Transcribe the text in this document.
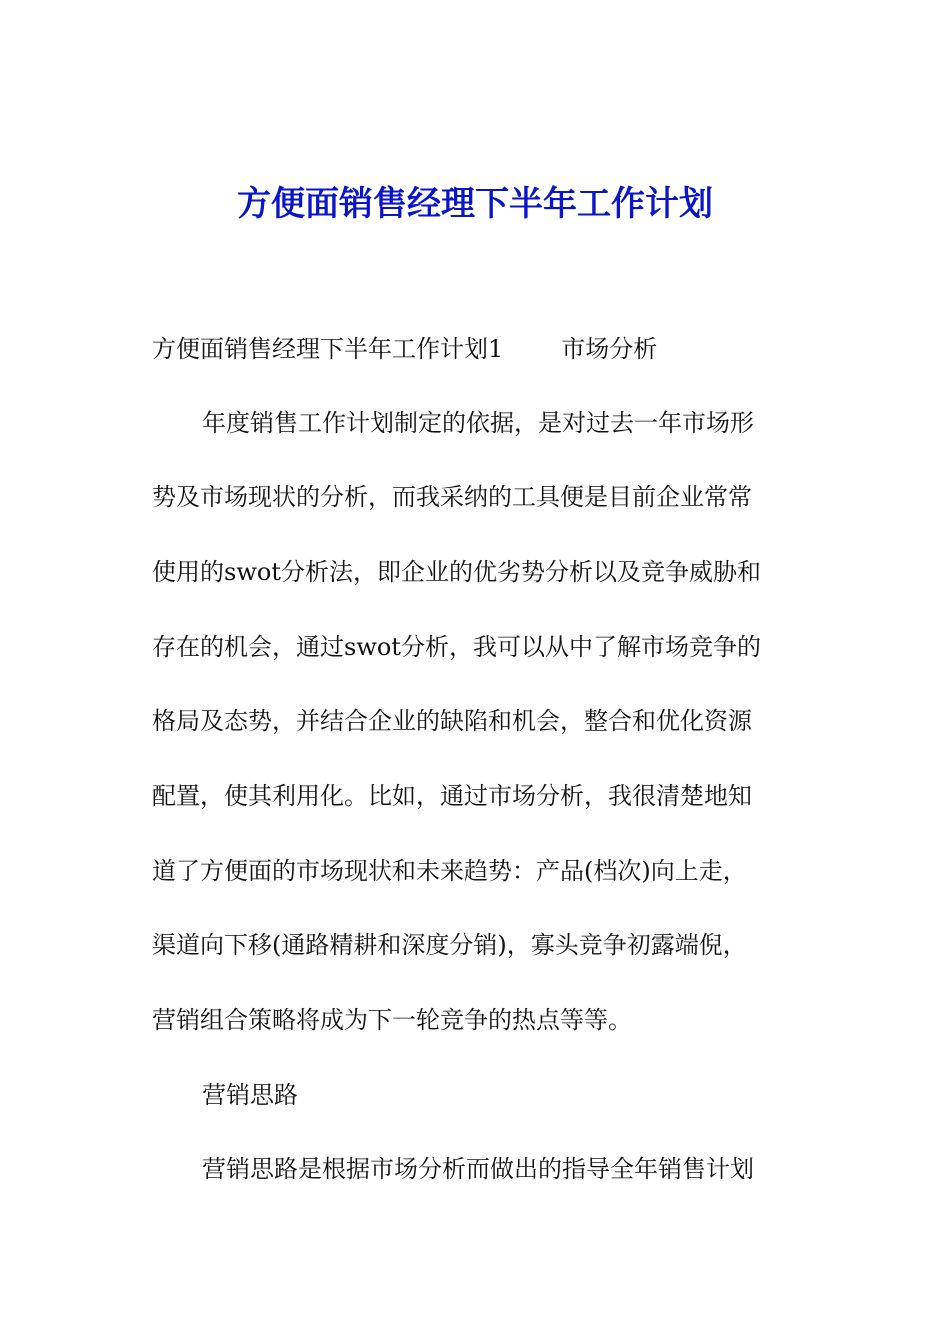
方便面销售经理下半年工作计划
方便面销售经理下半年工作计划1 市场分析
年度销售工作计划制定的依据，是对过去一年市场形
势及市场现状的分析，而我采纳的工具便是目前企业常常
使用的swot分析法，即企业的优劣势分析以及竞争威胁和
存在的机会，通过swot分析，我可以从中了解市场竞争的
格局及态势，并结合企业的缺陷和机会，整合和优化资源
配置，使其利用化。比如，通过市场分析，我很清楚地知
道了方便面的市场现状和未来趋势：产品(档次)向上走，
渠道向下移(通路精耕和深度分销)，寡头竞争初露端倪，
营销组合策略将成为下一轮竞争的热点等等。
营销思路
营销思路是根据市场分析而做出的指导全年销售计划
